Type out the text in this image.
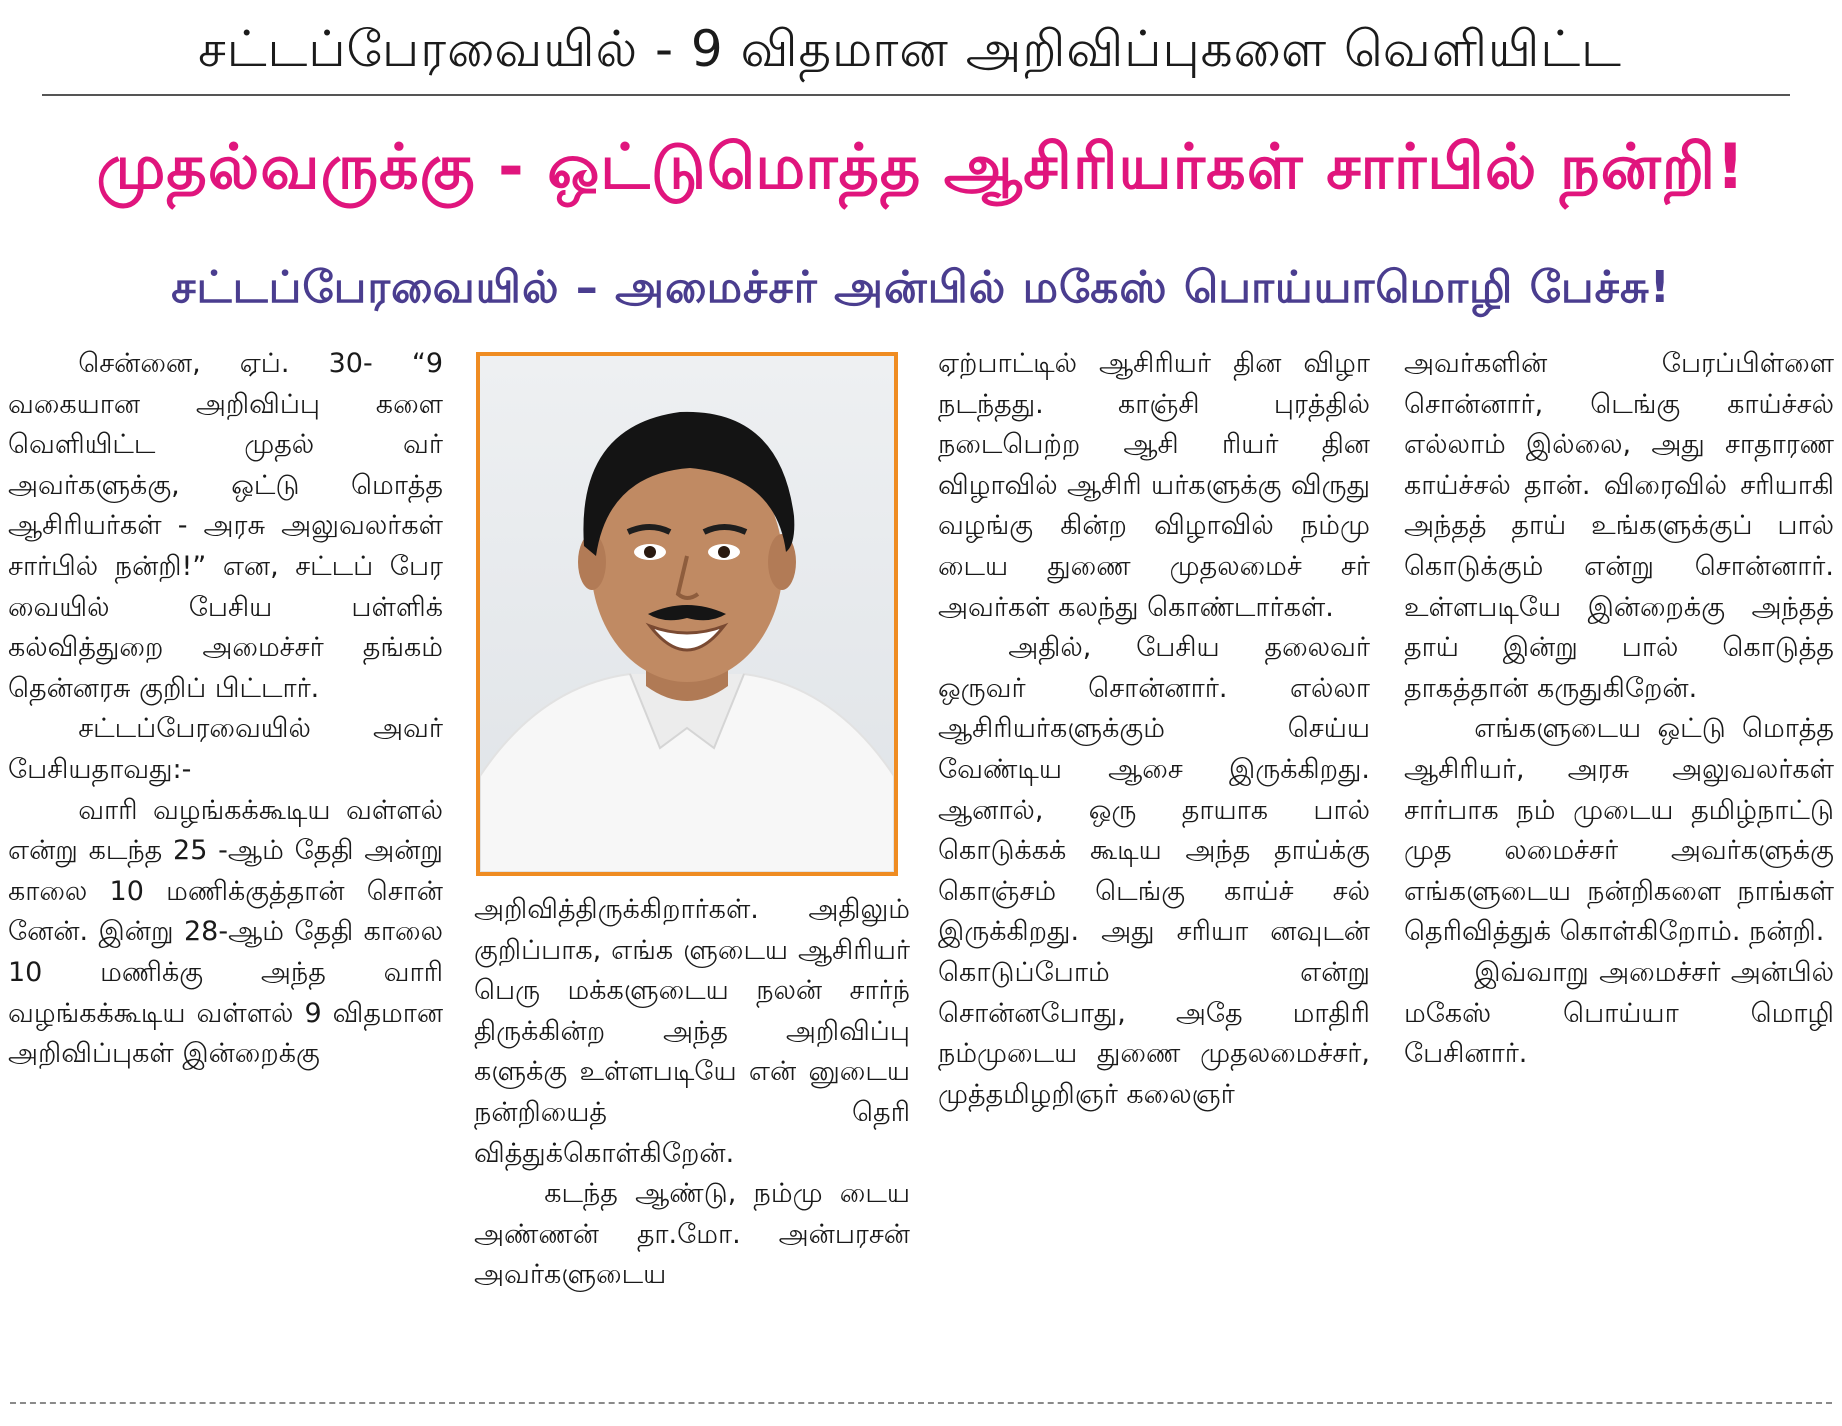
சட்டப்பேரவையில் - 9 விதமான அறிவிப்புகளை வெளியிட்ட
முதல்வருக்கு - ஒட்டுமொத்த ஆசிரியர்கள் சார்பில் நன்றி!
சட்டப்பேரவையில் – அமைச்சர் அன்பில் மகேஸ் பொய்யாமொழி பேச்சு!

சென்னை, ஏப். 30- “9 வகையான அறிவிப்பு களை வெளியிட்ட முதல் வர் அவர்களுக்கு, ஒட்டு மொத்த ஆசிரியர்கள் - அரசு அலுவலர்கள் சார்பில் நன்றி!” என, சட்டப் பேர வையில் பேசிய பள்ளிக் கல்வித்துறை அமைச்சர் தங்கம் தென்னரசு குறிப் பிட்டார்.

சட்டப்பேரவையில் அவர் பேசியதாவது:-

வாரி வழங்கக்கூடிய வள்ளல் என்று கடந்த 25 -ஆம் தேதி அன்று காலை 10 மணிக்குத்தான் சொன் னேன். இன்று 28-ஆம் தேதி காலை 10 மணிக்கு அந்த வாரி வழங்கக்கூடிய வள்ளல் 9 விதமான அறிவிப்புகள் இன்றைக்கு

அறிவித்திருக்கிறார்கள். அதிலும் குறிப்பாக, எங்க ளுடைய ஆசிரியர் பெரு மக்களுடைய நலன் சார்ந் திருக்கின்ற அந்த அறிவிப்பு களுக்கு உள்ளபடியே என் னுடைய நன்றியைத் தெரி வித்துக்கொள்கிறேன்.

கடந்த ஆண்டு, நம்மு டைய அண்ணன் தா.மோ. அன்பரசன் அவர்களுடைய

ஏற்பாட்டில் ஆசிரியர் தின விழா நடந்தது. காஞ்சி புரத்தில் நடைபெற்ற ஆசி ரியர் தின விழாவில் ஆசிரி யர்களுக்கு விருது வழங்கு கின்ற விழாவில் நம்மு டைய துணை முதலமைச் சர் அவர்கள் கலந்து கொண்டார்கள்.

அதில், பேசிய தலைவர் ஒருவர் சொன்னார். எல்லா ஆசிரியர்களுக்கும் செய்ய வேண்டிய ஆசை இருக்கிறது. ஆனால், ஒரு தாயாக பால் கொடுக்கக் கூடிய அந்த தாய்க்கு கொஞ்சம் டெங்கு காய்ச் சல் இருக்கிறது. அது சரியா னவுடன் கொடுப்போம் என்று சொன்னபோது, அதே மாதிரி நம்முடைய துணை முதலமைச்சர், முத்தமிழறிஞர் கலைஞர்

அவர்களின் பேரப்பிள்ளை சொன்னார், டெங்கு காய்ச்சல் எல்லாம் இல்லை, அது சாதாரண காய்ச்சல் தான். விரைவில் சரியாகி அந்தத் தாய் உங்களுக்குப் பால் கொடுக்கும் என்று சொன்னார். உள்ளபடியே இன்றைக்கு அந்தத் தாய் இன்று பால் கொடுத்த தாகத்தான் கருதுகிறேன்.

எங்களுடைய ஒட்டு மொத்த ஆசிரியர், அரசு அலுவலர்கள் சார்பாக நம் முடைய தமிழ்நாட்டு முத லமைச்சர் அவர்களுக்கு எங்களுடைய நன்றிகளை நாங்கள் தெரிவித்துக் கொள்கிறோம். நன்றி.

இவ்வாறு அமைச்சர் அன்பில் மகேஸ் பொய்யா மொழி பேசினார்.
